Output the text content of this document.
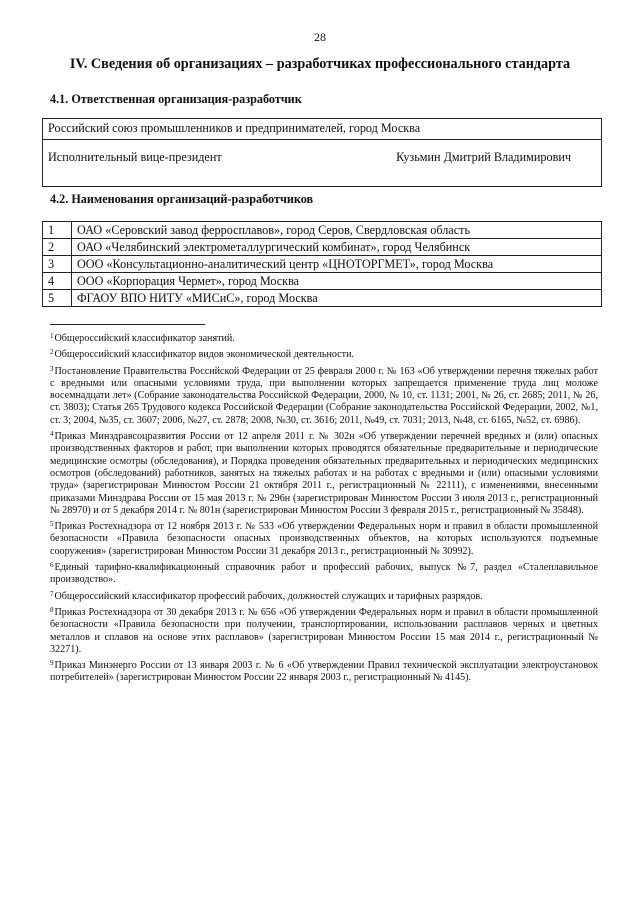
28
IV. Сведения об организациях – разработчиках профессионального стандарта
4.1. Ответственная организация-разработчик
Российский союз промышленников и предпринимателей, город Москва
Исполнительный вице-президент	Кузьмин Дмитрий Владимирович
4.2. Наименования организаций-разработчиков
1	ОАО «Серовский завод ферросплавов», город Серов, Свердловская область
2	ОАО «Челябинский электрометаллургический комбинат», город Челябинск
3	ООО «Консультационно-аналитический центр «ЦНОТОРГМЕТ», город Москва
4	ООО «Корпорация Чермет», город Москва
5	ФГАОУ ВПО НИТУ «МИСиС», город Москва

$^1$Общероссийский классификатор занятий.

$^2$Общероссийский классификатор видов экономической деятельности.

$^3$Постановление Правительства Российской Федерации от 25 февраля 2000 г. № 163 «Об утверждении перечня тяжелых работ с вредными или опасными условиями труда, при выполнении которых запрещается применение труда лиц моложе восемнадцати лет» (Собрание законодательства Российской Федерации, 2000, № 10, ст. 1131; 2001, № 26, ст. 2685; 2011, № 26, ст. 3803); Статья 265 Трудового кодекса Российской Федерации (Собрание законодательства Российской Федерации, 2002, №1, ст. 3; 2004, №35, ст. 3607; 2006, №27, ст. 2878; 2008, №30, ст. 3616; 2011, №49, ст. 7031; 2013, №48, ст. 6165, №52, ст. 6986).

$^4$Приказ Минздравсоцразвития России от 12 апреля 2011 г. № 302н «Об утверждении перечней вредных и (или) опасных производственных факторов и работ, при выполнении которых проводятся обязательные предварительные и периодические медицинские осмотры (обследования), и Порядка проведения обязательных предварительных и периодических медицинских осмотров (обследований) работников, занятых на тяжелых работах и на работах с вредными и (или) опасными условиями труда» (зарегистрирован Минюстом России 21 октября 2011 г., регистрационный № 22111), с изменениями, внесенными приказами Минздрава России от 15 мая 2013 г. № 296н (зарегистрирован Минюстом России 3 июля 2013 г., регистрационный № 28970) и от 5 декабря 2014 г. № 801н (зарегистрирован Минюстом России 3 февраля 2015 г., регистрационный № 35848).

$^5$Приказ Ростехнадзора от 12 ноября 2013 г. № 533 «Об утверждении Федеральных норм и правил в области промышленной безопасности «Правила безопасности опасных производственных объектов, на которых используются подъемные сооружения» (зарегистрирован Минюстом России 31 декабря 2013 г., регистрационный № 30992).

$^6$Единый тарифно-квалификационный справочник работ и профессий рабочих, выпуск №7, раздел «Сталеплавильное производство».

$^7$Общероссийский классификатор профессий рабочих, должностей служащих и тарифных разрядов.

$^8$Приказ Ростехнадзора от 30 декабря 2013 г. № 656 «Об утверждении Федеральных норм и правил в области промышленной безопасности «Правила безопасности при получении, транспортировании, использовании расплавов черных и цветных металлов и сплавов на основе этих расплавов» (зарегистрирован Минюстом России 15 мая 2014 г., регистрационный № 32271).

$^9$Приказ Минэнерго России от 13 января 2003 г. № 6 «Об утверждении Правил технической эксплуатации электроустановок потребителей» (зарегистрирован Минюстом России 22 января 2003 г., регистрационный № 4145).
